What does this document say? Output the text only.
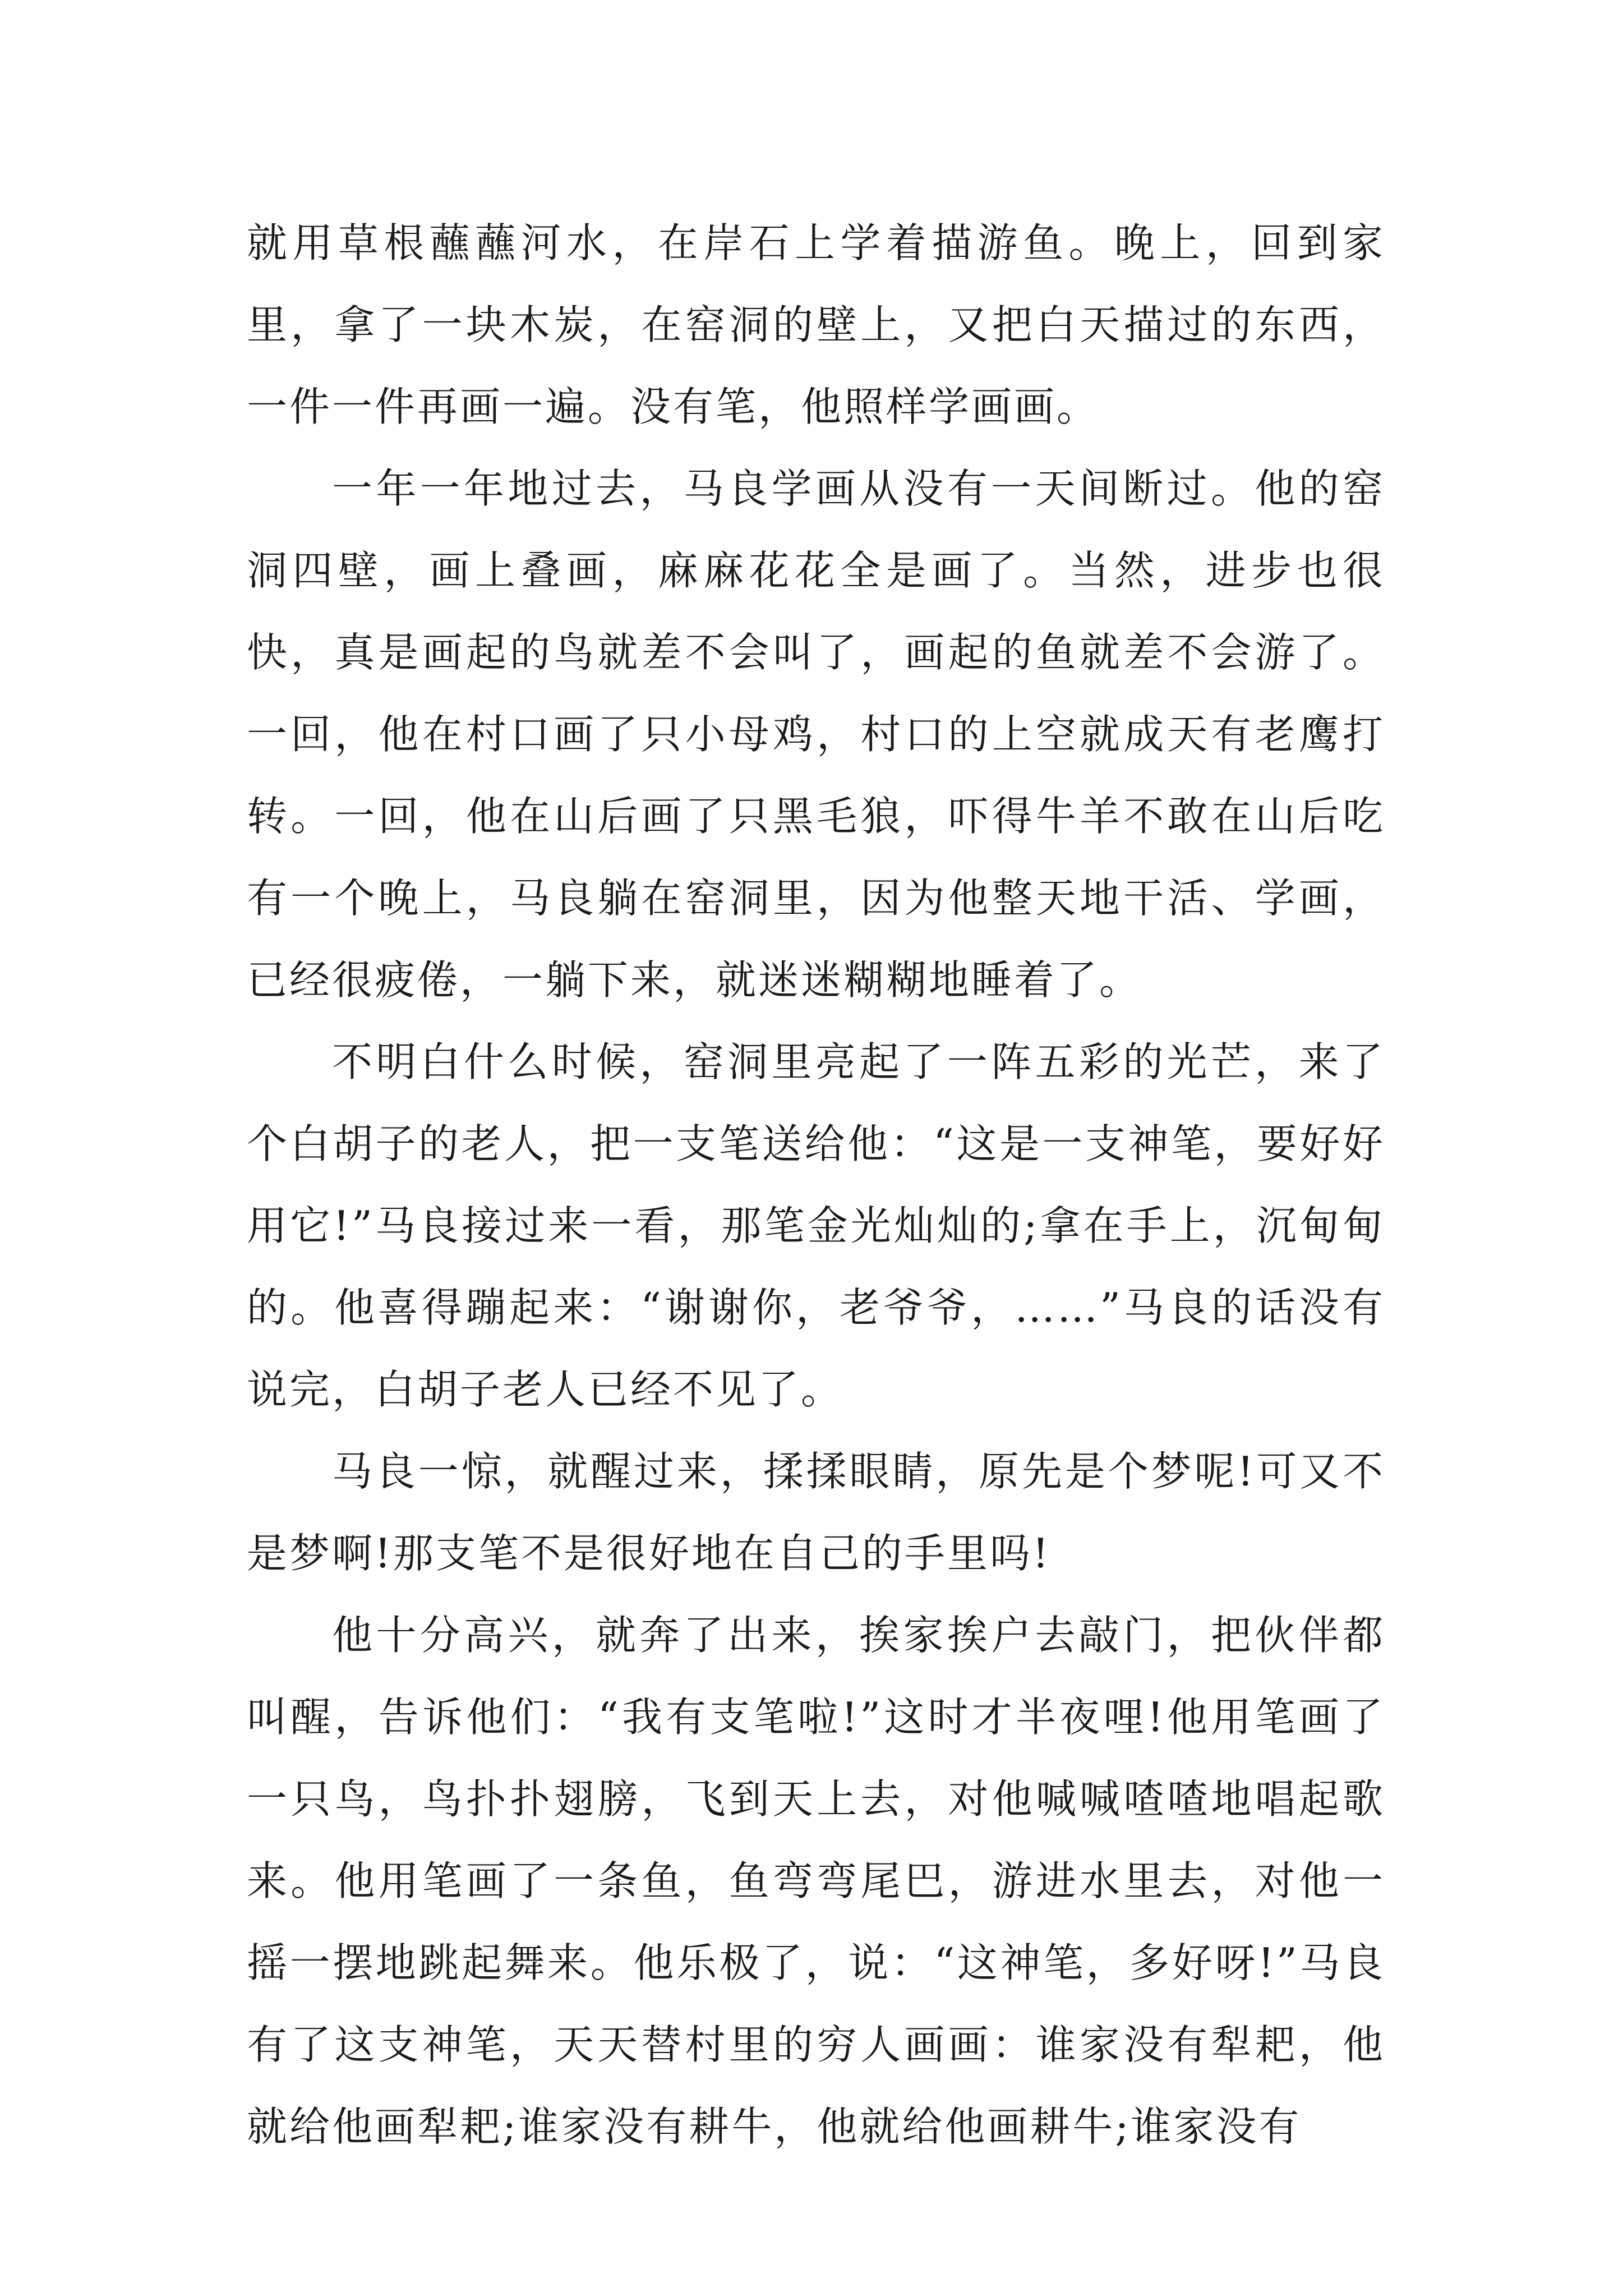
就用草根蘸蘸河水，在岸石上学着描游鱼。晚上，回到家里，拿了一块木炭，在窑洞的壁上，又把白天描过的东西，一件一件再画一遍。没有笔，他照样学画画。

一年一年地过去，马良学画从没有一天间断过。他的窑洞四壁，画上叠画，麻麻花花全是画了。当然，进步也很快，真是画起的鸟就差不会叫了，画起的鱼就差不会游了。一回，他在村口画了只小母鸡，村口的上空就成天有老鹰打转。一回，他在山后画了只黑毛狼，吓得牛羊不敢在山后吃有一个晚上，马良躺在窑洞里，因为他整天地干活、学画，已经很疲倦，一躺下来，就迷迷糊糊地睡着了。

不明白什么时候，窑洞里亮起了一阵五彩的光芒，来了个白胡子的老人，把一支笔送给他：“这是一支神笔，要好好用它!”马良接过来一看，那笔金光灿灿的;拿在手上，沉甸甸的。他喜得蹦起来：“谢谢你，老爷爷，……”马良的话没有说完，白胡子老人已经不见了。

马良一惊，就醒过来，揉揉眼睛，原先是个梦呢!可又不是梦啊!那支笔不是很好地在自己的手里吗!

他十分高兴，就奔了出来，挨家挨户去敲门，把伙伴都叫醒，告诉他们：“我有支笔啦!”这时才半夜哩!他用笔画了一只鸟，鸟扑扑翅膀，飞到天上去，对他喊喊喳喳地唱起歌来。他用笔画了一条鱼，鱼弯弯尾巴，游进水里去，对他一摇一摆地跳起舞来。他乐极了，说：“这神笔，多好呀!”马良有了这支神笔，天天替村里的穷人画画：谁家没有犁耙，他就给他画犁耙;谁家没有耕牛，他就给他画耕牛;谁家没有
